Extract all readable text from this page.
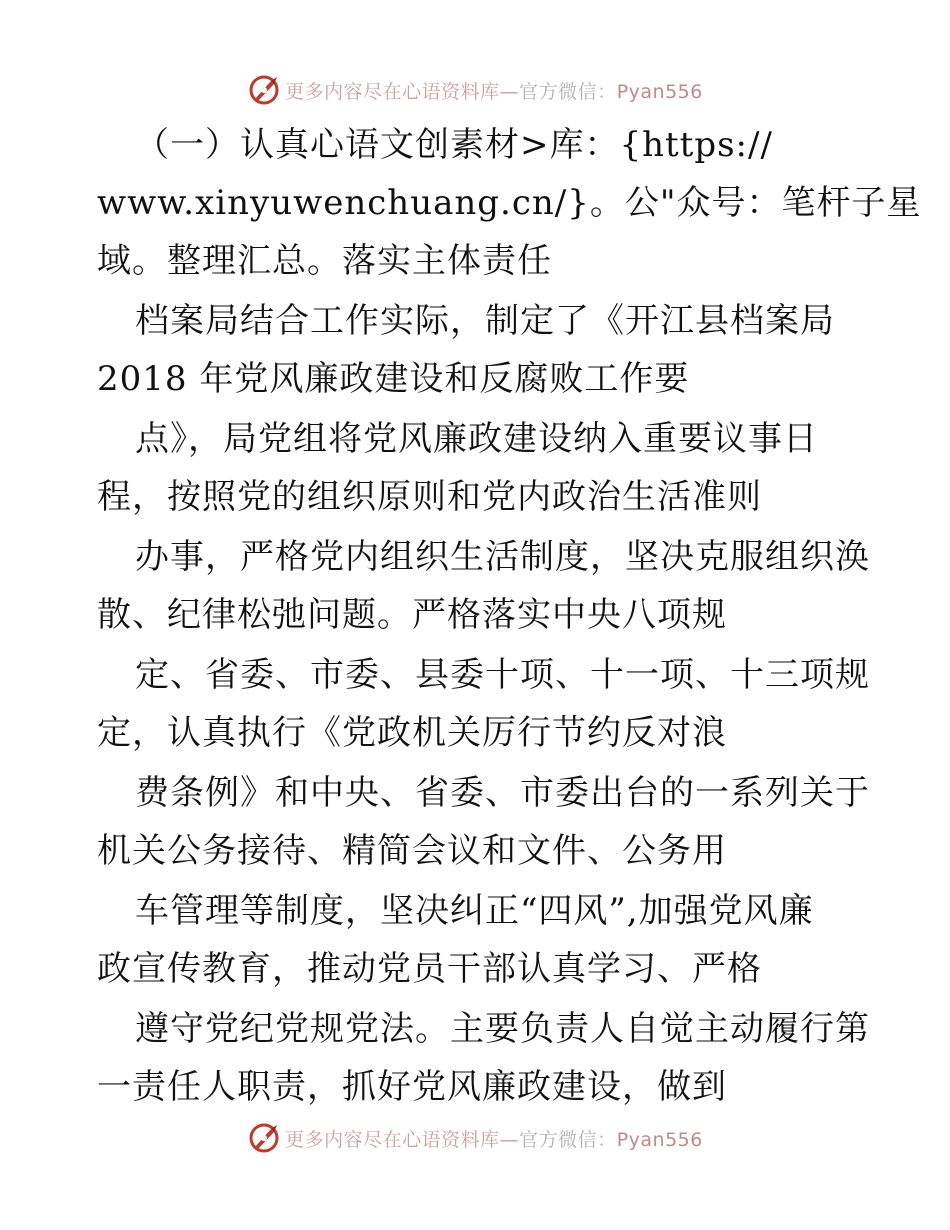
更多内容尽在心语资料库—官方微信：Pyan556
（一）认真心语文创素材>库：{https://
www.xinyuwenchuang.cn/}。公"众号：笔杆子星
域。整理汇总。落实主体责任
档案局结合工作实际，制定了《开江县档案局
2018 年党风廉政建设和反腐败工作要
点》，局党组将党风廉政建设纳入重要议事日
程，按照党的组织原则和党内政治生活准则
办事，严格党内组织生活制度，坚决克服组织涣
散、纪律松弛问题。严格落实中央八项规
定、省委、市委、县委十项、十一项、十三项规
定，认真执行《党政机关厉行节约反对浪
费条例》和中央、省委、市委出台的一系列关于
机关公务接待、精简会议和文件、公务用
车管理等制度，坚决纠正“四风”,加强党风廉
政宣传教育，推动党员干部认真学习、严格
遵守党纪党规党法。主要负责人自觉主动履行第
一责任人职责，抓好党风廉政建设，做到
更多内容尽在心语资料库—官方微信：Pyan556
